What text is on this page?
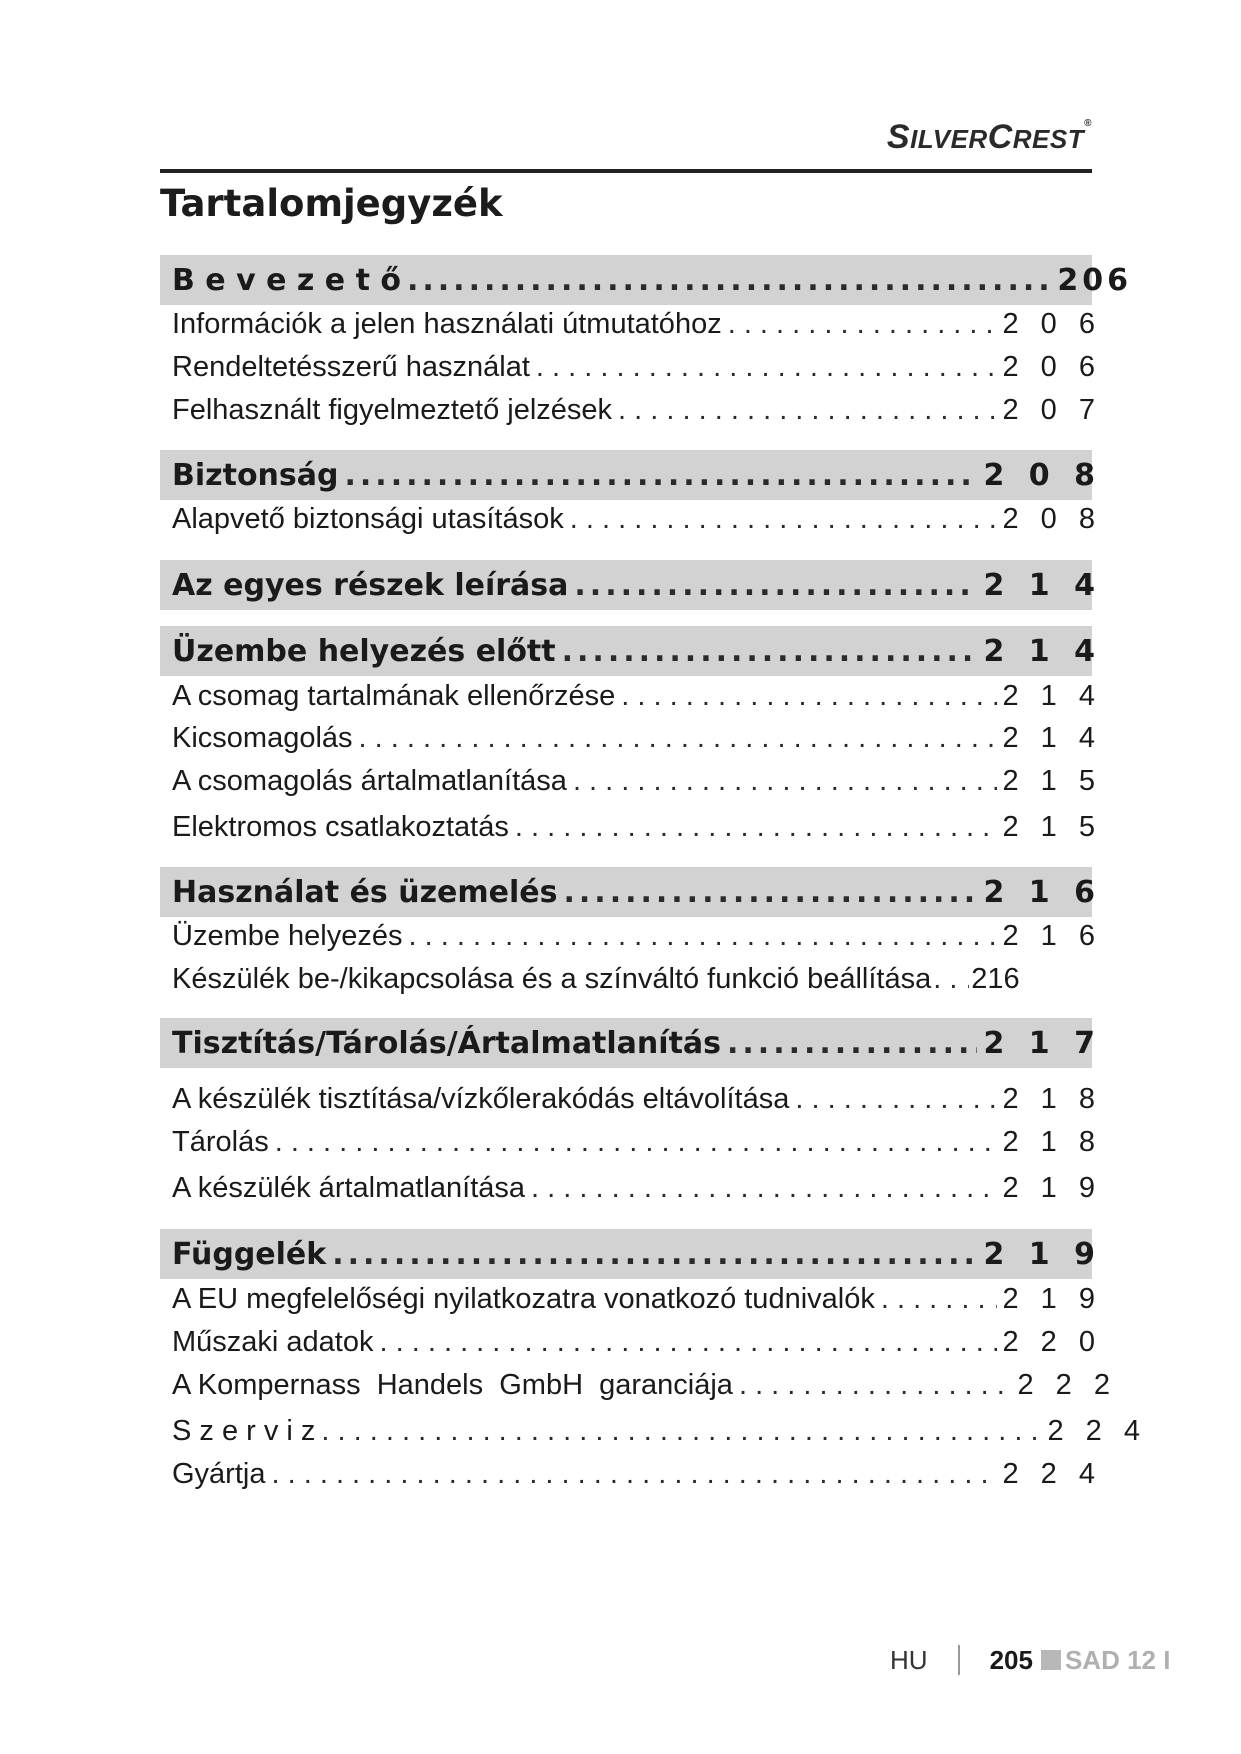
SILVERCREST®
Tartalomjegyzék
B e v e z e t ő .....	206
Információk a jelen használati útmutatóhoz . . .	2 0 6
Rendeltetésszerű használat . . .	2 0 6
Felhasznált figyelmeztető jelzések . . .	2 0 7
Biztonság .....	2 0 8
Alapvető biztonsági utasítások . . .	2 0 8
Az egyes részek leírása .....	2 1 4
Üzembe helyezés előtt .....	2 1 4
A csomag tartalmának ellenőrzése . . .	2 1 4
Kicsomagolás . . .	2 1 4
A csomagolás ártalmatlanítása . . .	2 1 5
Elektromos csatlakoztatás . . .	2 1 5
Használat és üzemelés .....	2 1 6
Üzembe helyezés . . .	2 1 6
Készülék be-/kikapcsolása és a színváltó funkció beállítása . . . 216
Tisztítás/Tárolás/Ártalmatlanítás .....	2 1 7
A készülék tisztítása/vízkőlerakódás eltávolítása . . .	2 1 8
Tárolás . . .	2 1 8
A készülék ártalmatlanítása . . .	2 1 9
Függelék .....	2 1 9
A EU megfelelőségi nyilatkozatra vonatkozó tudnivalók . . .	2 1 9
Műszaki adatok . . .	2 2 0
A Kompernass  Handels  GmbH  garanciája . . .	2 2 2
S z e r v i z . . .	2 2 4
Gyártja . . .	2 2 4
HU 205 SAD 12 I
